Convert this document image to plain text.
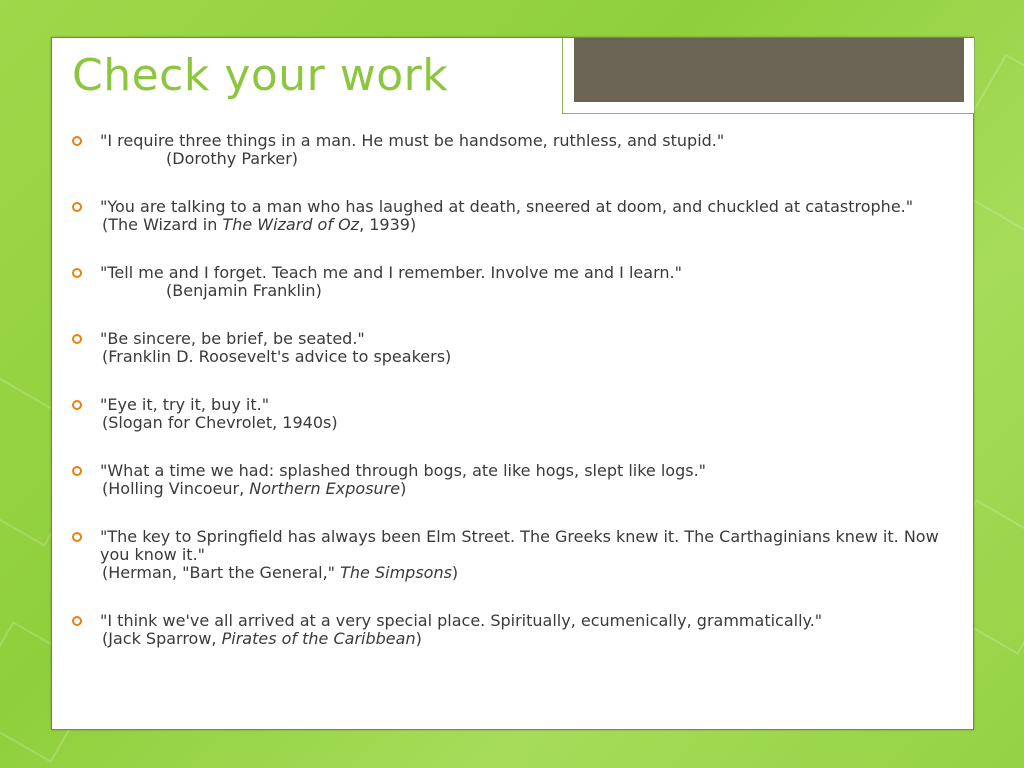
Check your work
"I require three things in a man. He must be handsome, ruthless, and stupid."
(Dorothy Parker)
"You are talking to a man who has laughed at death, sneered at doom, and chuckled at catastrophe."
(The Wizard in The Wizard of Oz, 1939)
"Tell me and I forget. Teach me and I remember. Involve me and I learn."
(Benjamin Franklin)
"Be sincere, be brief, be seated."
(Franklin D. Roosevelt's advice to speakers)
"Eye it, try it, buy it."
(Slogan for Chevrolet, 1940s)
"What a time we had: splashed through bogs, ate like hogs, slept like logs."
(Holling Vincoeur, Northern Exposure)
"The key to Springfield has always been Elm Street. The Greeks knew it. The Carthaginians knew it. Now you know it."
(Herman, "Bart the General," The Simpsons)
"I think we've all arrived at a very special place. Spiritually, ecumenically, grammatically."
(Jack Sparrow, Pirates of the Caribbean)
